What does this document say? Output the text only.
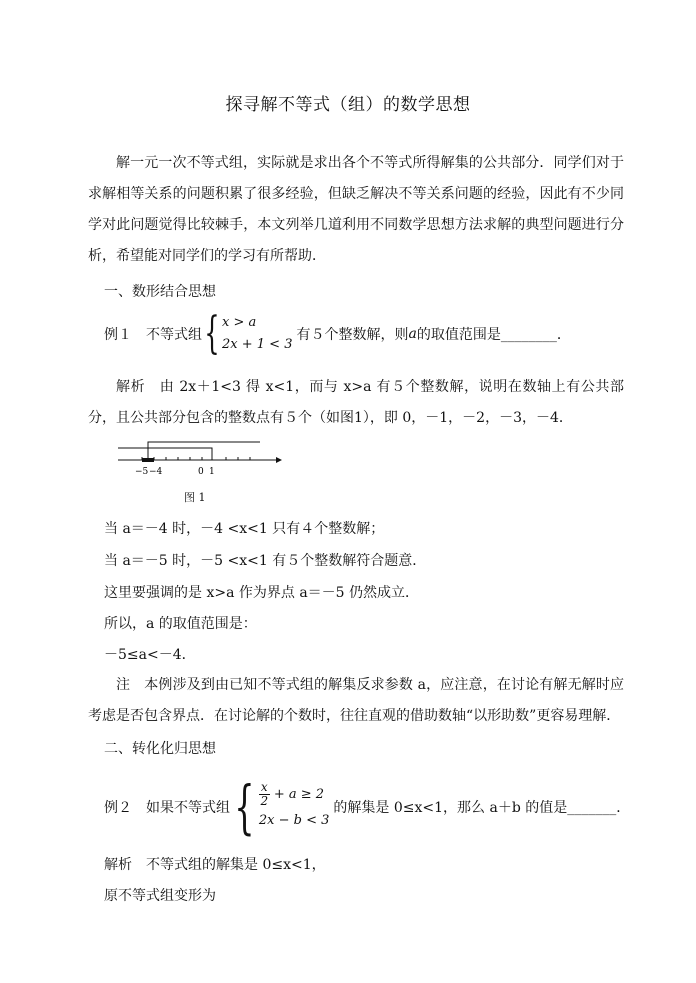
探寻解不等式（组）的数学思想
解一元一次不等式组，实际就是求出各个不等式所得解集的公共部分．同学们对于求解相等关系的问题积累了很多经验，但缺乏解决不等关系问题的经验，因此有不少同学对此问题觉得比较棘手，本文列举几道利用不同数学思想方法求解的典型问题进行分析，希望能对同学们的学习有所帮助．
一、数形结合思想
例１　不等式组 { x > a
2x + 1 < 3
有５个整数解，则 a 的取值范围是________．
解析　由 2x＋1<3 得 x<1，而与 x>a 有５个整数解，说明在数轴上有公共部分，且公共部分包含的整数点有５个（如图1），即 0，－1，－2，－3，－4．
−5 −4	0 1
图 1
当 a＝－4 时，－4 <x<1 只有４个整数解；
当 a＝－5 时，－5 <x<1 有５个整数解符合题意．
这里要强调的是 x>a 作为界点 a＝－5 仍然成立．
所以，a 的取值范围是：
－5≤a<－4．
注　本例涉及到由已知不等式组的解集反求参数 a，应注意，在讨论有解无解时应考虑是否包含界点．在讨论解的个数时，往往直观的借助数轴“以形助数”更容易理解．
二、转化化归思想
例２　如果不等式组 { $\frac{x}{2} + a \ge 2$
2x − b < 3
的解集是 0≤x<1，那么 a＋b 的值是_______．
解析　不等式组的解集是 0≤x<1，
原不等式组变形为
